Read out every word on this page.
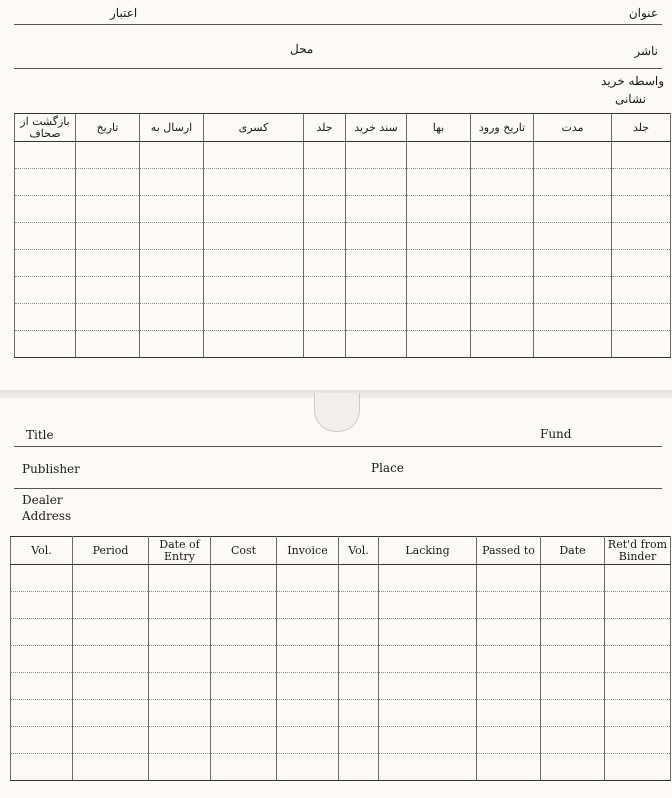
عنوان
اعتبار
ناشر
محل
واسطه خرید
نشانی
بازگشت از صحاف	تاریخ	ارسال به	کسری	جلد	سند خرید	بها	تاریخ ورود	مدت	جلد

Title	Fund
Publisher	Place
Dealer
Address
Vol.	Period	Date of Entry	Cost	Invoice	Vol.	Lacking	Passed to	Date	Ret'd from Binder
